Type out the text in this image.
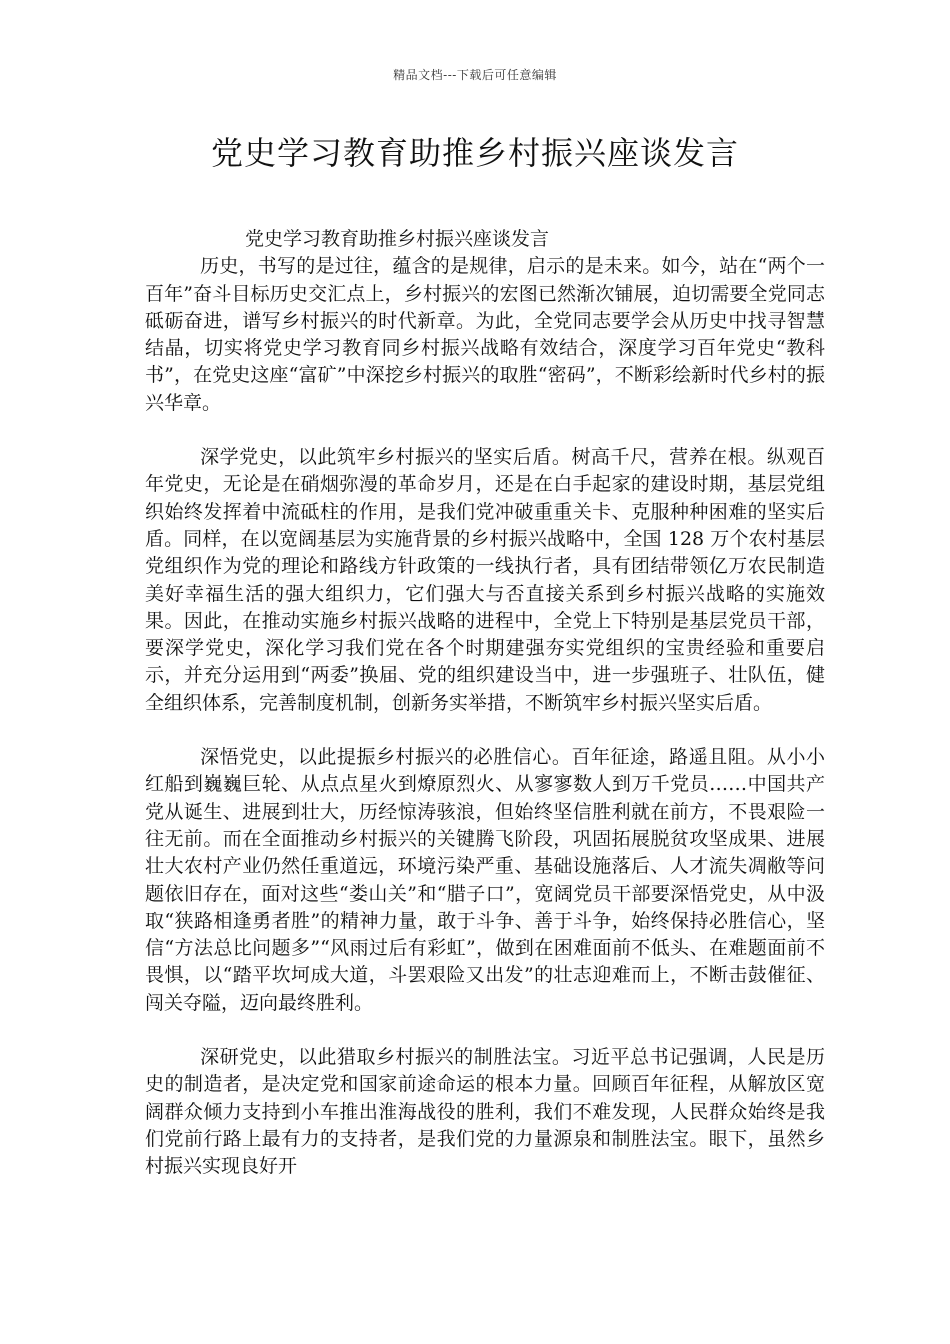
精品文档---下载后可任意编辑
党史学习教育助推乡村振兴座谈发言

党史学习教育助推乡村振兴座谈发言

历史，书写的是过往，蕴含的是规律，启示的是未来。如今，站在“两个一百年”奋斗目标历史交汇点上，乡村振兴的宏图已然渐次铺展，迫切需要全党同志砥砺奋进，谱写乡村振兴的时代新章。为此，全党同志要学会从历史中找寻智慧结晶，切实将党史学习教育同乡村振兴战略有效结合，深度学习百年党史“教科书”，在党史这座“富矿”中深挖乡村振兴的取胜“密码”，不断彩绘新时代乡村的振兴华章。

深学党史，以此筑牢乡村振兴的坚实后盾。树高千尺，营养在根。纵观百年党史，无论是在硝烟弥漫的革命岁月，还是在白手起家的建设时期，基层党组织始终发挥着中流砥柱的作用，是我们党冲破重重关卡、克服种种困难的坚实后盾。同样，在以宽阔基层为实施背景的乡村振兴战略中，全国 128 万个农村基层党组织作为党的理论和路线方针政策的一线执行者，具有团结带领亿万农民制造美好幸福生活的强大组织力，它们强大与否直接关系到乡村振兴战略的实施效果。因此，在推动实施乡村振兴战略的进程中，全党上下特别是基层党员干部，要深学党史，深化学习我们党在各个时期建强夯实党组织的宝贵经验和重要启示，并充分运用到“两委”换届、党的组织建设当中，进一步强班子、壮队伍，健全组织体系，完善制度机制，创新务实举措，不断筑牢乡村振兴坚实后盾。

深悟党史，以此提振乡村振兴的必胜信心。百年征途，路遥且阻。从小小红船到巍巍巨轮、从点点星火到燎原烈火、从寥寥数人到万千党员……中国共产党从诞生、进展到壮大，历经惊涛骇浪，但始终坚信胜利就在前方，不畏艰险一往无前。而在全面推动乡村振兴的关键腾飞阶段，巩固拓展脱贫攻坚成果、进展壮大农村产业仍然任重道远，环境污染严重、基础设施落后、人才流失凋敝等问题依旧存在，面对这些“娄山关”和“腊子口”，宽阔党员干部要深悟党史，从中汲取“狭路相逢勇者胜”的精神力量，敢于斗争、善于斗争，始终保持必胜信心，坚信“方法总比问题多”“风雨过后有彩虹”，做到在困难面前不低头、在难题面前不畏惧，以“踏平坎坷成大道，斗罢艰险又出发”的壮志迎难而上，不断击鼓催征、闯关夺隘，迈向最终胜利。

深研党史，以此猎取乡村振兴的制胜法宝。习近平总书记强调，人民是历史的制造者，是决定党和国家前途命运的根本力量。回顾百年征程，从解放区宽阔群众倾力支持到小车推出淮海战役的胜利，我们不难发现，人民群众始终是我们党前行路上最有力的支持者，是我们党的力量源泉和制胜法宝。眼下，虽然乡村振兴实现良好开
